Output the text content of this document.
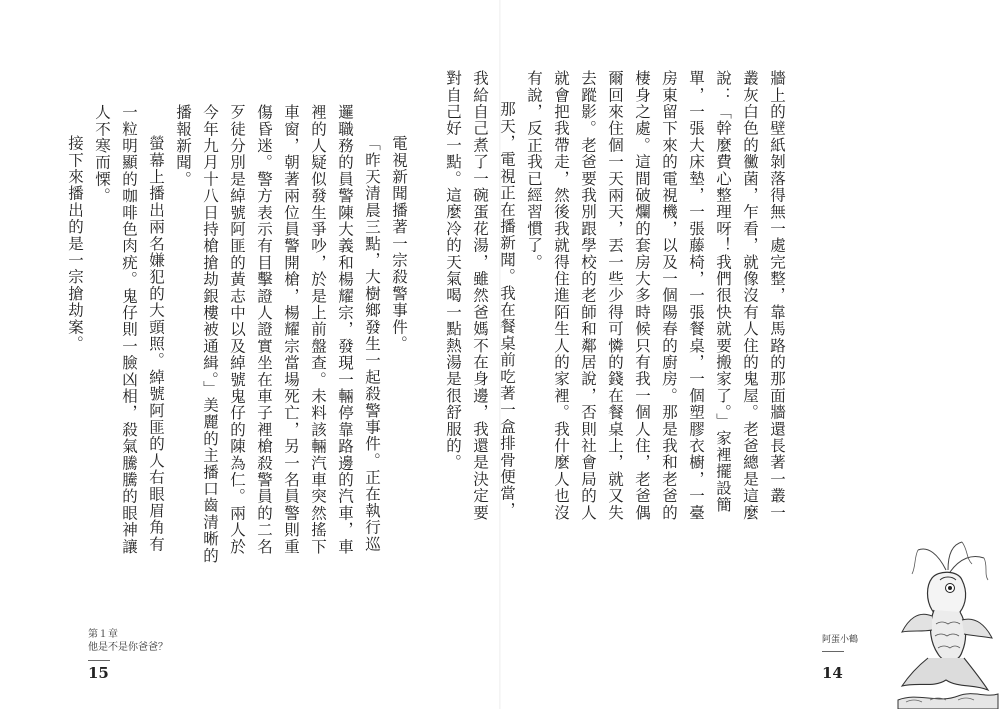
電視新聞播著一宗殺警事件。

「昨天清晨三點，大樹鄉發生一起殺警事件。正在執行巡邏職務的員警陳大義和楊耀宗，發現一輛停靠路邊的汽車，車裡的人疑似發生爭吵，於是上前盤查。未料該輛汽車突然搖下車窗，朝著兩位員警開槍，楊耀宗當場死亡，另一名員警則重傷昏迷。警方表示有目擊證人證實坐在車子裡槍殺警員的二名歹徒分別是綽號阿匪的黃志中以及綽號鬼仔的陳為仁。兩人於今年九月十八日持槍搶劫銀樓被通緝。」美麗的主播口齒清晰的播報新聞。

螢幕上播出兩名嫌犯的大頭照。綽號阿匪的人右眼眉角有一粒明顯的咖啡色肉疣。鬼仔則一臉凶相，殺氣騰騰的眼神讓人不寒而慄。

接下來播出的是一宗搶劫案。

第１章

他是不是你爸爸？

15

牆上的壁紙剝落得無一處完整，靠馬路的那面牆還長著一叢一叢灰白色的黴菌，乍看，就像沒有人住的鬼屋。老爸總是這麼說：「幹麼費心整理呀！我們很快就要搬家了。」家裡擺設簡單，一張大床墊，一張藤椅，一張餐桌，一個塑膠衣櫥，一臺房東留下來的電視機，以及一個陽春的廚房。那是我和老爸的棲身之處。這間破爛的套房大多時候只有我一個人住，老爸偶爾回來住個一天兩天，丟一些少得可憐的錢在餐桌上，就又失去蹤影。老爸要我別跟學校的老師和鄰居說，否則社會局的人就會把我帶走，然後我就得住進陌生人的家裡。我什麼人也沒有說，反正我已經習慣了。

那天，電視正在播新聞。我在餐桌前吃著一盒排骨便當，我給自己煮了一碗蛋花湯，雖然爸媽不在身邊，我還是決定要對自己好一點。這麼冷的天氣喝一點熱湯是很舒服的。

阿蛋小鶴

14
